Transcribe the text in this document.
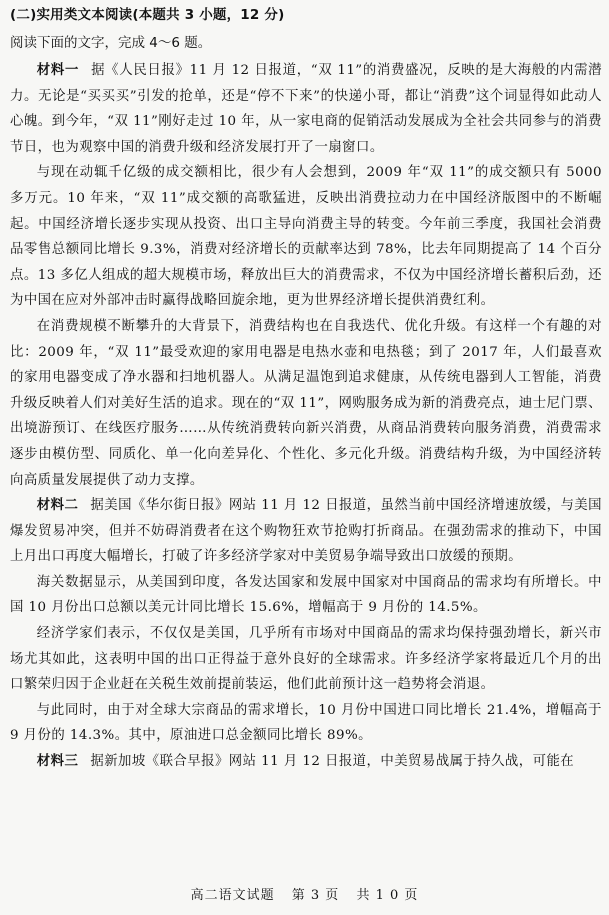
(二)实用类文本阅读(本题共 3 小题，12 分)
阅读下面的文字，完成 4～6 题。

材料一 据《人民日报》11 月 12 日报道，“双 11”的消费盛况，反映的是大海般的内需潜力。无论是“买买买”引发的抢单，还是“停不下来”的快递小哥，都让“消费”这个词显得如此动人心魄。到今年，“双 11”刚好走过 10 年，从一家电商的促销活动发展成为全社会共同参与的消费节日，也为观察中国的消费升级和经济发展打开了一扇窗口。

与现在动辄千亿级的成交额相比，很少有人会想到，2009 年“双 11”的成交额只有 5000 多万元。10 年来，“双 11”成交额的高歌猛进，反映出消费拉动力在中国经济版图中的不断崛起。中国经济增长逐步实现从投资、出口主导向消费主导的转变。今年前三季度，我国社会消费品零售总额同比增长 9.3%，消费对经济增长的贡献率达到 78%，比去年同期提高了 14 个百分点。13 多亿人组成的超大规模市场，释放出巨大的消费需求，不仅为中国经济增长蓄积后劲，还为中国在应对外部冲击时赢得战略回旋余地，更为世界经济增长提供消费红利。

在消费规模不断攀升的大背景下，消费结构也在自我迭代、优化升级。有这样一个有趣的对比：2009 年，“双 11”最受欢迎的家用电器是电热水壶和电热毯；到了 2017 年，人们最喜欢的家用电器变成了净水器和扫地机器人。从满足温饱到追求健康，从传统电器到人工智能，消费升级反映着人们对美好生活的追求。现在的“双 11”，网购服务成为新的消费亮点，迪士尼门票、出境游预订、在线医疗服务……从传统消费转向新兴消费，从商品消费转向服务消费，消费需求逐步由模仿型、同质化、单一化向差异化、个性化、多元化升级。消费结构升级，为中国经济转向高质量发展提供了动力支撑。

材料二 据美国《华尔街日报》网站 11 月 12 日报道，虽然当前中国经济增速放缓，与美国爆发贸易冲突，但并不妨碍消费者在这个购物狂欢节抢购打折商品。在强劲需求的推动下，中国上月出口再度大幅增长，打破了许多经济学家对中美贸易争端导致出口放缓的预期。

海关数据显示，从美国到印度，各发达国家和发展中国家对中国商品的需求均有所增长。中国 10 月份出口总额以美元计同比增长 15.6%，增幅高于 9 月份的 14.5%。

经济学家们表示，不仅仅是美国，几乎所有市场对中国商品的需求均保持强劲增长，新兴市场尤其如此，这表明中国的出口正得益于意外良好的全球需求。许多经济学家将最近几个月的出口繁荣归因于企业赶在关税生效前提前装运，他们此前预计这一趋势将会消退。

与此同时，由于对全球大宗商品的需求增长，10 月份中国进口同比增长 21.4%，增幅高于 9 月份的 14.3%。其中，原油进口总金额同比增长 89%。

材料三 据新加坡《联合早报》网站 11 月 12 日报道，中美贸易战属于持久战，可能在

高二语文试题 第 3 页 共 1 0 页
